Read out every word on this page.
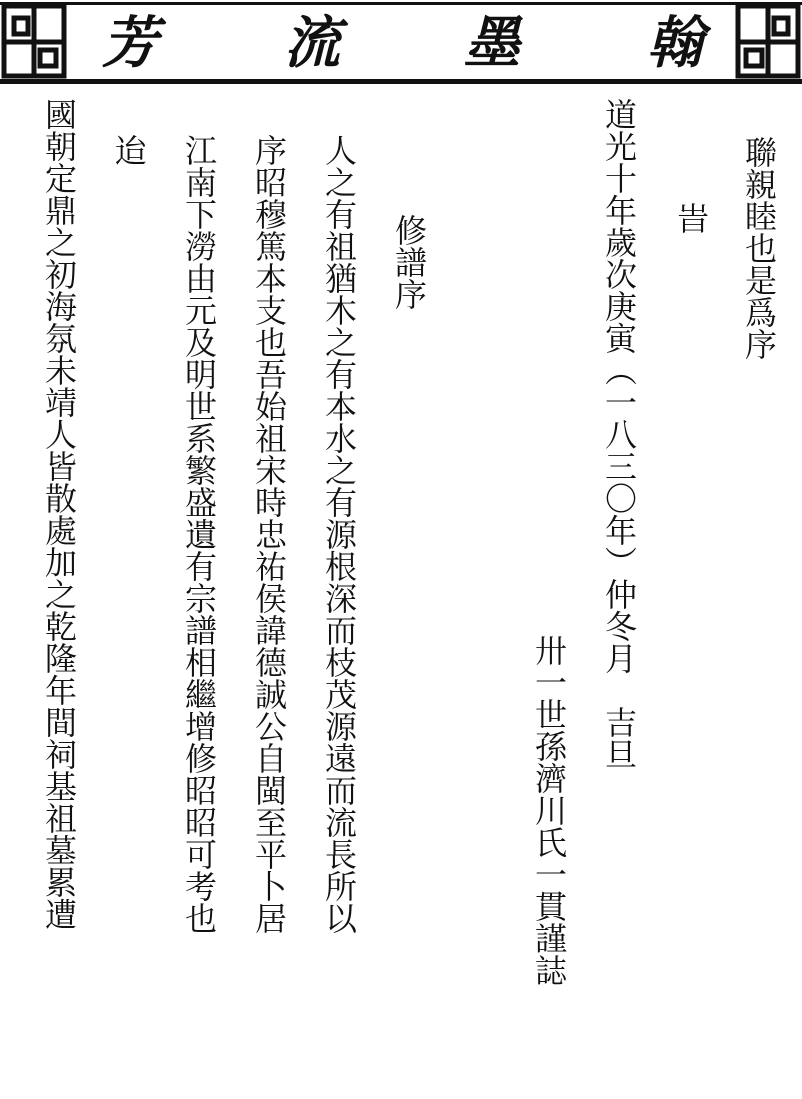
芳 流 墨 翰
聯親睦也是爲序
旹
道光十年歲次庚寅（一八三〇年）仲冬月　吉旦
卅一世孫濟川氏一貫謹誌
修譜序
人之有祖猶木之有本水之有源根深而枝茂源遠而流長所以
序昭穆篤本支也吾始祖宋時忠祐侯諱德誠公自閩至平卜居
江南下澇由元及明世系繁盛遺有宗譜相繼增修昭昭可考也
迨
國朝定鼎之初海氛未靖人皆散處加之乾隆年間祠基祖墓累遭
